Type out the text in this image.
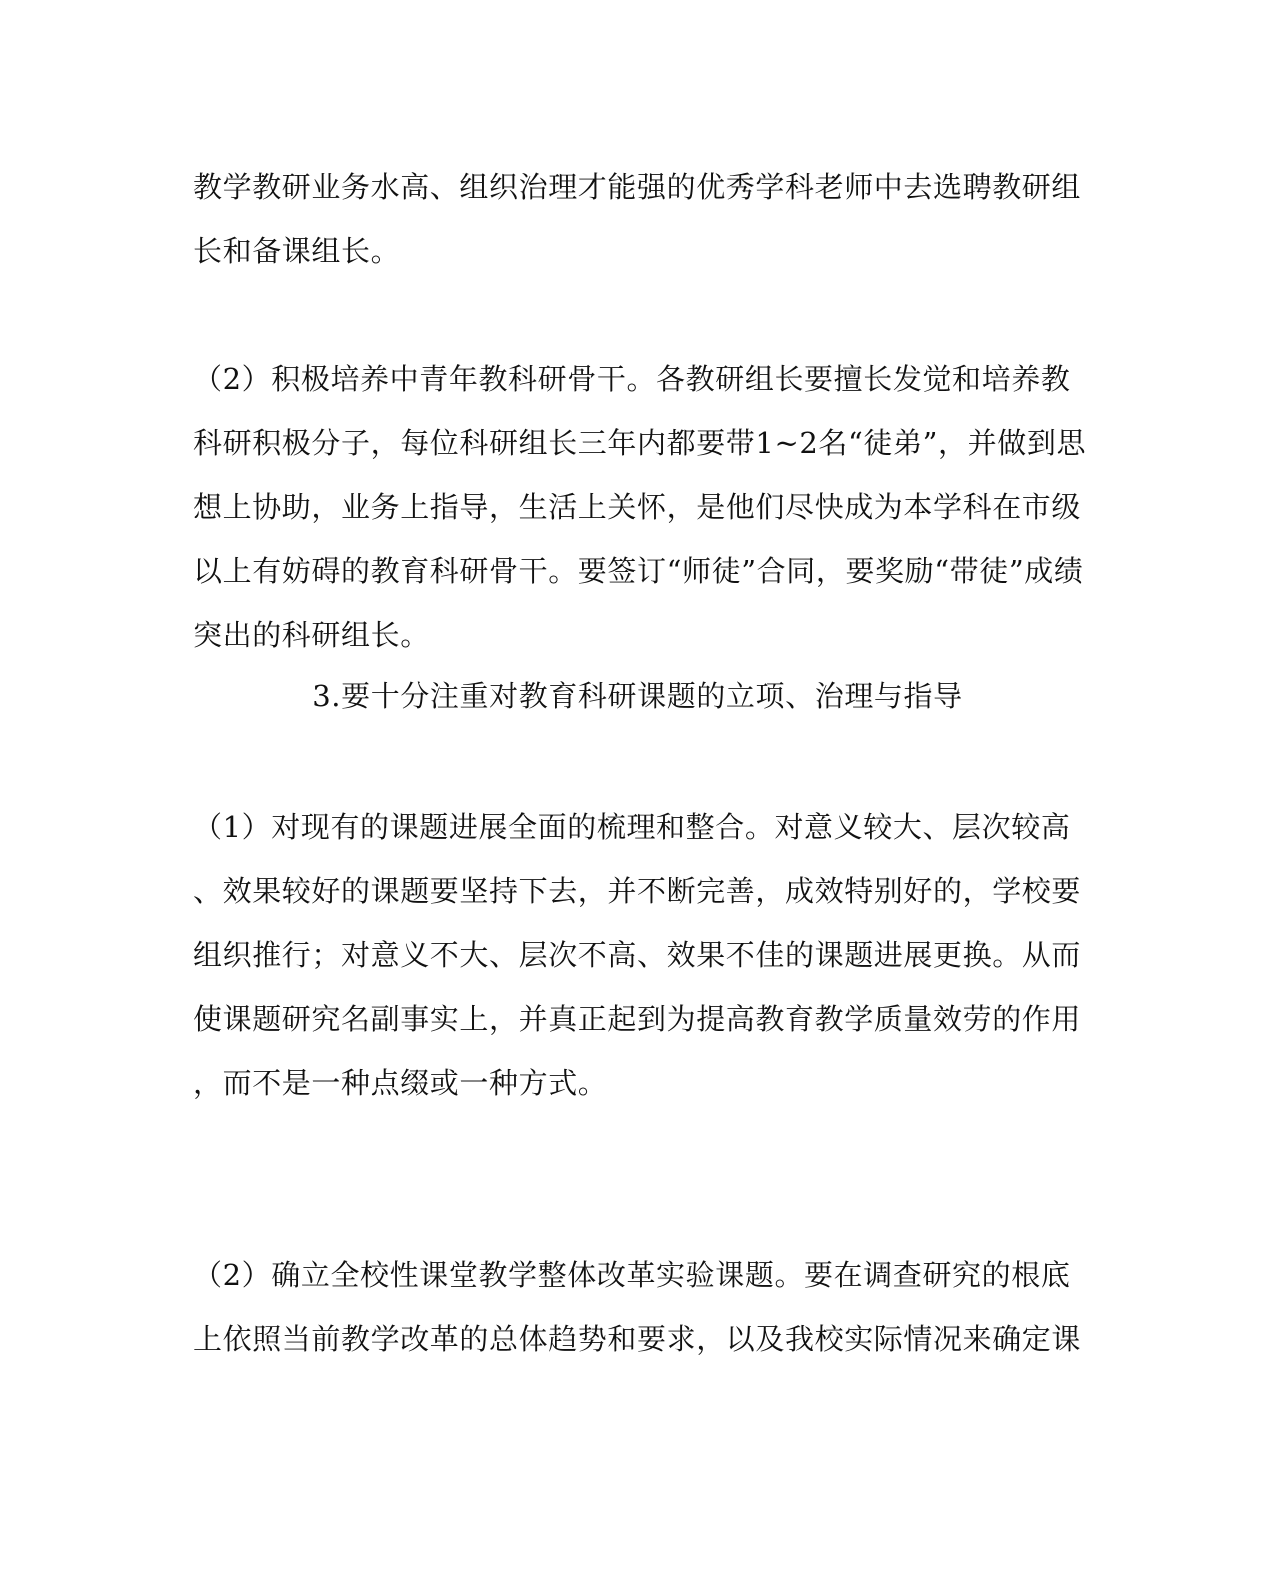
教学教研业务水高、组织治理才能强的优秀学科老师中去选聘教研组
长和备课组长。
（2）积极培养中青年教科研骨干。各教研组长要擅长发觉和培养教
科研积极分子，每位科研组长三年内都要带1~2名“徒弟”，并做到思
想上协助，业务上指导，生活上关怀，是他们尽快成为本学科在市级
以上有妨碍的教育科研骨干。要签订“师徒”合同，要奖励“带徒”成绩
突出的科研组长。
3.要十分注重对教育科研课题的立项、治理与指导
（1）对现有的课题进展全面的梳理和整合。对意义较大、层次较高
、效果较好的课题要坚持下去，并不断完善，成效特别好的，学校要
组织推行；对意义不大、层次不高、效果不佳的课题进展更换。从而
使课题研究名副事实上，并真正起到为提高教育教学质量效劳的作用
，而不是一种点缀或一种方式。
（2）确立全校性课堂教学整体改革实验课题。要在调查研究的根底
上依照当前教学改革的总体趋势和要求，以及我校实际情况来确定课
